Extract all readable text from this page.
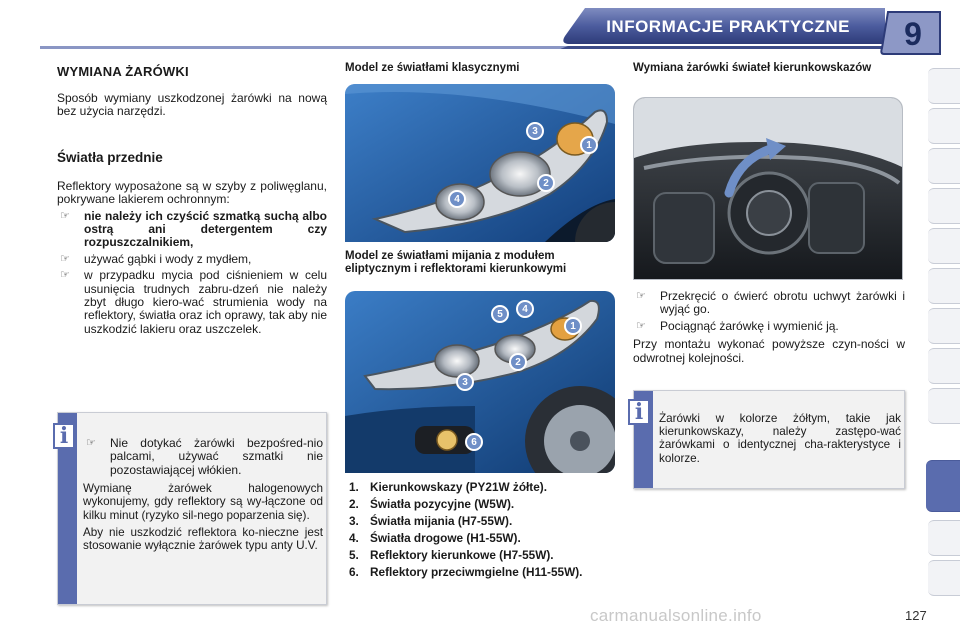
INFORMACJE PRAKTYCZNE	9
WYMIANA ŻARÓWKI

Sposób wymiany uszkodzonej żarówki na nową bez użycia narzędzi.

Światła przednie

Reflektory wyposażone są w szyby z poliwęglanu, pokrywane lakierem ochronnym:

☞ nie należy ich czyścić szmatką suchą albo ostrą ani detergentem czy rozpuszczalnikiem,
☞ używać gąbki i wody z mydłem,
☞ w przypadku mycia pod ciśnieniem w celu usunięcia trudnych zabru-dzeń nie należy zbyt długo kiero-wać strumienia wody na reflektory, światła oraz ich oprawy, tak aby nie uszkodzić lakieru oraz uszczelek.
☞ Nie dotykać żarówki bezpośred-nio palcami, używać szmatki nie pozostawiającej włókien.

Wymianę żarówek halogenowych wykonujemy, gdy reflektory są wy-łączone od kilku minut (ryzyko sil-nego poparzenia się).

Aby nie uszkodzić reflektora ko-nieczne jest stosowanie wyłącznie żarówek typu anty U.V.

i
Model ze światłami klasycznymi
3
1
2
4
Model ze światłami mijania z modułem eliptycznym i reflektorami kierunkowymi
5	4
1
2
3
6
1. Kierunkowskazy (PY21W żółte).
2. Światła pozycyjne (W5W).
3. Światła mijania (H7-55W).
4. Światła drogowe (H1-55W).
5. Reflektory kierunkowe (H7-55W).
6. Reflektory przeciwmgielne (H11-55W).
Wymiana żarówki świateł kierunkowskazów
☞ Przekręcić o ćwierć obrotu uchwyt żarówki i wyjąć go.
☞ Pociągnąć żarówkę i wymienić ją.

Przy montażu wykonać powyższe czyn-ności w odwrotnej kolejności.

Żarówki w kolorze żółtym, takie jak kierunkowskazy, należy zastępo-wać żarówkami o identycznej cha-rakterystyce i kolorze.

i
carmanualsonline.info	127
